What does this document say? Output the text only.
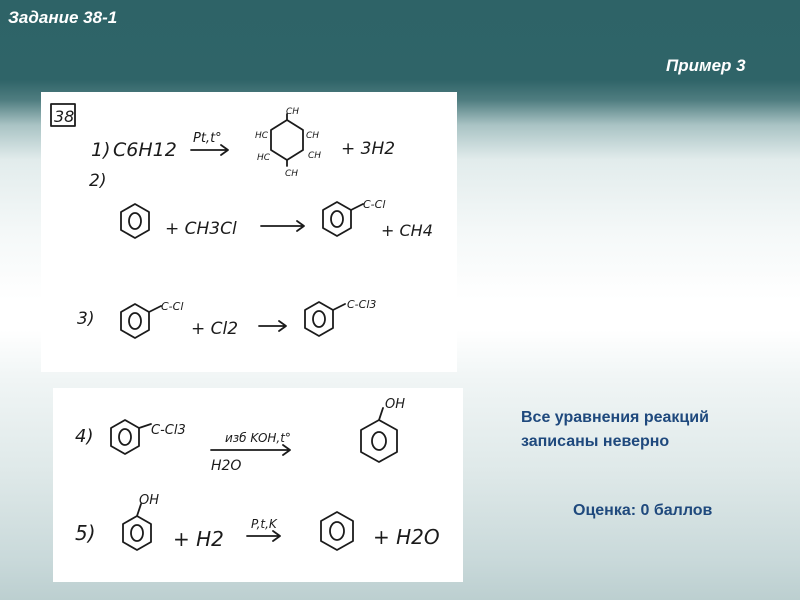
Задание 38-1
Пример 3
38
1) C6H12
Pt,t°
CH
HC
HC
CH
CH
CH
+ 3H2
2)
+ CH3Cl
C-Cl
+ CH4
3)
C-Cl
+ Cl2
C-Cl3
4)	C-Cl3	изб KOH,t°
H2O
OH
5)
OH
+ H2
P,t,K
+ H2O
Все уравнения реакций
записаны неверно
Оценка: 0 баллов
